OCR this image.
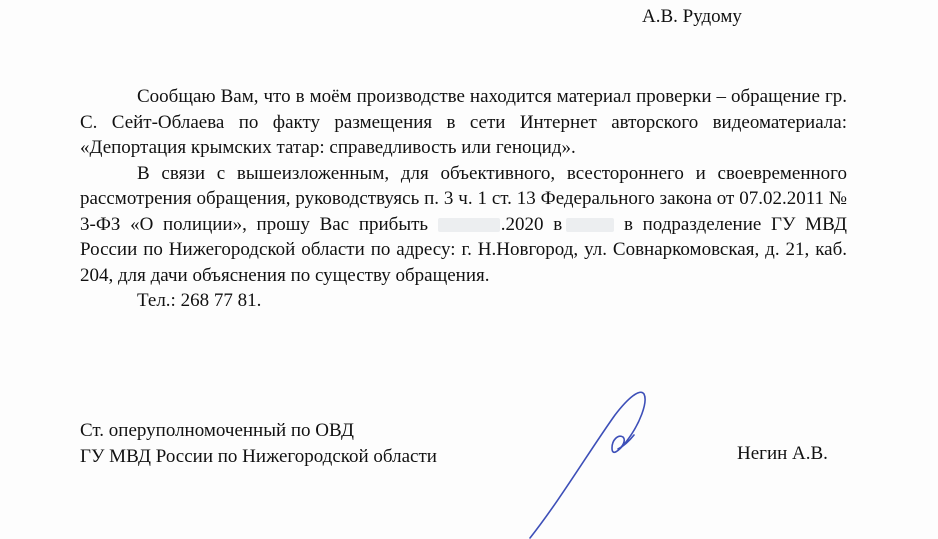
А.В. Рудому

Сообщаю Вам, что в моём производстве находится материал проверки – обращение гр. С. Сейт-Облаева по факту размещения в сети Интернет авторского видеоматериала: «Депортация крымских татар: справедливость или геноцид».

В связи с вышеизложенным, для объективного, всестороннего и своевременного рассмотрения обращения, руководствуясь п. 3 ч. 1 ст. 13 Федерального закона от 07.02.2011 № 3-ФЗ «О полиции», прошу Вас прибыть	.2020 в	в подразделение ГУ МВД России по Нижегородской области по адресу: г. Н.Новгород, ул. Совнаркомовская, д. 21, каб. 204, для дачи объяснения по существу обращения.

Тел.: 268 77 81.

Ст. оперуполномоченный по ОВД
ГУ МВД России по Нижегородской области	Негин А.В.
